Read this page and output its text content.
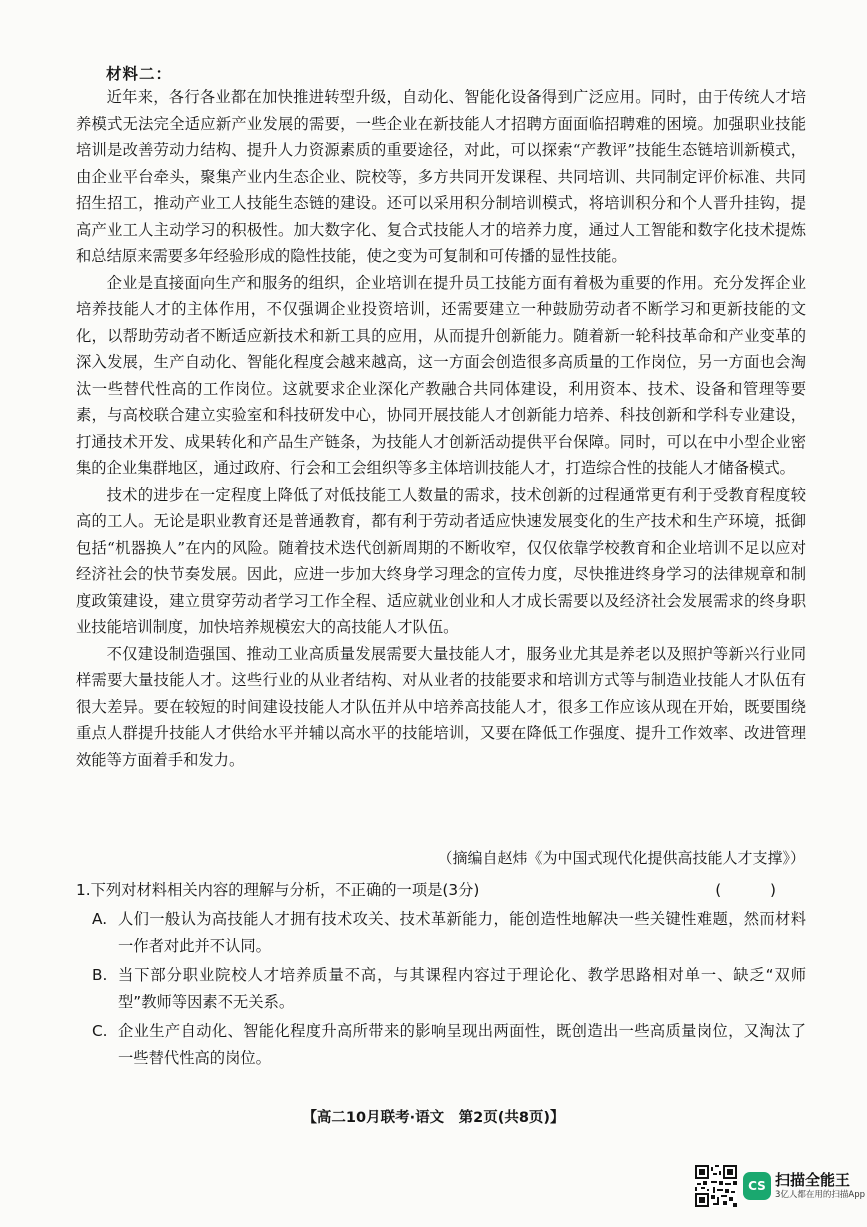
材料二：

近年来，各行各业都在加快推进转型升级，自动化、智能化设备得到广泛应用。同时，由于传统人才培养模式无法完全适应新产业发展的需要，一些企业在新技能人才招聘方面面临招聘难的困境。加强职业技能培训是改善劳动力结构、提升人力资源素质的重要途径，对此，可以探索“产教评”技能生态链培训新模式，由企业平台牵头，聚集产业内生态企业、院校等，多方共同开发课程、共同培训、共同制定评价标准、共同招生招工，推动产业工人技能生态链的建设。还可以采用积分制培训模式，将培训积分和个人晋升挂钩，提高产业工人主动学习的积极性。加大数字化、复合式技能人才的培养力度，通过人工智能和数字化技术提炼和总结原来需要多年经验形成的隐性技能，使之变为可复制和可传播的显性技能。

企业是直接面向生产和服务的组织，企业培训在提升员工技能方面有着极为重要的作用。充分发挥企业培养技能人才的主体作用，不仅强调企业投资培训，还需要建立一种鼓励劳动者不断学习和更新技能的文化，以帮助劳动者不断适应新技术和新工具的应用，从而提升创新能力。随着新一轮科技革命和产业变革的深入发展，生产自动化、智能化程度会越来越高，这一方面会创造很多高质量的工作岗位，另一方面也会淘汰一些替代性高的工作岗位。这就要求企业深化产教融合共同体建设，利用资本、技术、设备和管理等要素，与高校联合建立实验室和科技研发中心，协同开展技能人才创新能力培养、科技创新和学科专业建设，打通技术开发、成果转化和产品生产链条，为技能人才创新活动提供平台保障。同时，可以在中小型企业密集的企业集群地区，通过政府、行会和工会组织等多主体培训技能人才，打造综合性的技能人才储备模式。

技术的进步在一定程度上降低了对低技能工人数量的需求，技术创新的过程通常更有利于受教育程度较高的工人。无论是职业教育还是普通教育，都有利于劳动者适应快速发展变化的生产技术和生产环境，抵御包括“机器换人”在内的风险。随着技术迭代创新周期的不断收窄，仅仅依靠学校教育和企业培训不足以应对经济社会的快节奏发展。因此，应进一步加大终身学习理念的宣传力度，尽快推进终身学习的法律规章和制度政策建设，建立贯穿劳动者学习工作全程、适应就业创业和人才成长需要以及经济社会发展需求的终身职业技能培训制度，加快培养规模宏大的高技能人才队伍。

不仅建设制造强国、推动工业高质量发展需要大量技能人才，服务业尤其是养老以及照护等新兴行业同样需要大量技能人才。这些行业的从业者结构、对从业者的技能要求和培训方式等与制造业技能人才队伍有很大差异。要在较短的时间建设技能人才队伍并从中培养高技能人才，很多工作应该从现在开始，既要围绕重点人群提升技能人才供给水平并辅以高水平的技能培训，又要在降低工作强度、提升工作效率、改进管理效能等方面着手和发力。

（摘编自赵炜《为中国式现代化提供高技能人才支撑》）
1.下列对材料相关内容的理解与分析，不正确的一项是(3分)	( )
A. 人们一般认为高技能人才拥有技术攻关、技术革新能力，能创造性地解决一些关键性难题，然而材料一作者对此并不认同。
B. 当下部分职业院校人才培养质量不高，与其课程内容过于理论化、教学思路相对单一、缺乏“双师型”教师等因素不无关系。
C. 企业生产自动化、智能化程度升高所带来的影响呈现出两面性，既创造出一些高质量岗位，又淘汰了一些替代性高的岗位。
【高二10月联考·语文　第2页(共8页)】
CS 扫描全能王
3亿人都在用的扫描App
